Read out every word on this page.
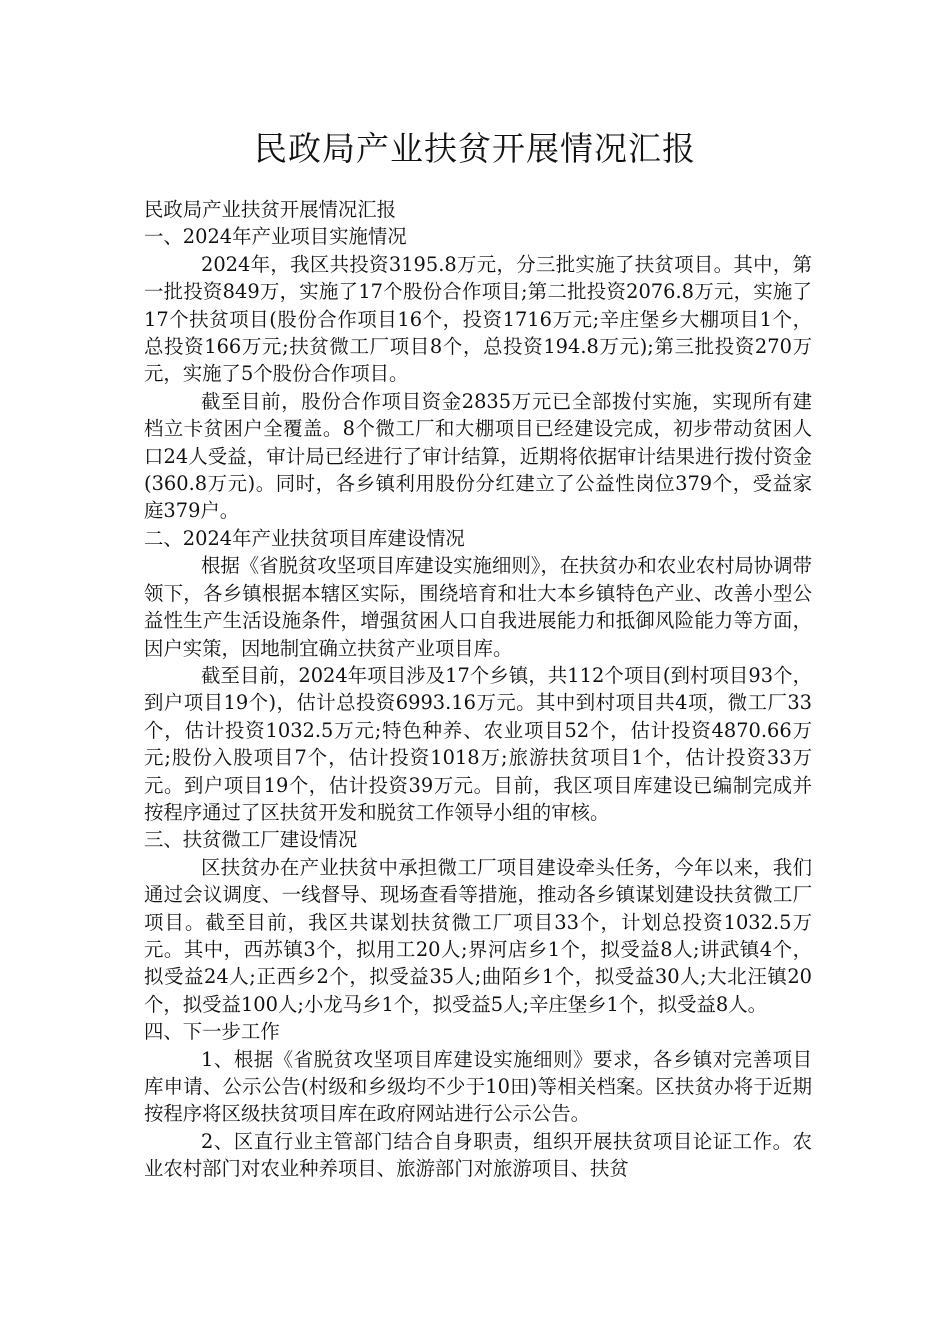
民政局产业扶贫开展情况汇报

民政局产业扶贫开展情况汇报

一、2024年产业项目实施情况

2024年，我区共投资3195.8万元，分三批实施了扶贫项目。其中，第一批投资849万，实施了17个股份合作项目;第二批投资2076.8万元，实施了17个扶贫项目(股份合作项目16个，投资1716万元;辛庄堡乡大棚项目1个，总投资166万元;扶贫微工厂项目8个，总投资194.8万元);第三批投资270万元，实施了5个股份合作项目。

截至目前，股份合作项目资金2835万元已全部拨付实施，实现所有建档立卡贫困户全覆盖。8个微工厂和大棚项目已经建设完成，初步带动贫困人口24人受益，审计局已经进行了审计结算，近期将依据审计结果进行拨付资金(360.8万元)。同时，各乡镇利用股份分红建立了公益性岗位379个，受益家庭379户。

二、2024年产业扶贫项目库建设情况

根据《省脱贫攻坚项目库建设实施细则》，在扶贫办和农业农村局协调带领下，各乡镇根据本辖区实际，围绕培育和壮大本乡镇特色产业、改善小型公益性生产生活设施条件，增强贫困人口自我进展能力和抵御风险能力等方面，因户实策，因地制宜确立扶贫产业项目库。

截至目前，2024年项目涉及17个乡镇，共112个项目(到村项目93个，到户项目19个)，估计总投资6993.16万元。其中到村项目共4项，微工厂33个，估计投资1032.5万元;特色种养、农业项目52个，估计投资4870.66万元;股份入股项目7个，估计投资1018万;旅游扶贫项目1个，估计投资33万元。到户项目19个，估计投资39万元。目前，我区项目库建设已编制完成并按程序通过了区扶贫开发和脱贫工作领导小组的审核。

三、扶贫微工厂建设情况

区扶贫办在产业扶贫中承担微工厂项目建设牵头任务，今年以来，我们通过会议调度、一线督导、现场查看等措施，推动各乡镇谋划建设扶贫微工厂项目。截至目前，我区共谋划扶贫微工厂项目33个，计划总投资1032.5万元。其中，西苏镇3个，拟用工20人;界河店乡1个，拟受益8人;讲武镇4个，拟受益24人;正西乡2个，拟受益35人;曲陌乡1个，拟受益30人;大北汪镇20个，拟受益100人;小龙马乡1个，拟受益5人;辛庄堡乡1个，拟受益8人。

四、下一步工作

1、根据《省脱贫攻坚项目库建设实施细则》要求，各乡镇对完善项目库申请、公示公告(村级和乡级均不少于10田)等相关档案。区扶贫办将于近期按程序将区级扶贫项目库在政府网站进行公示公告。

2、区直行业主管部门结合自身职责，组织开展扶贫项目论证工作。农业农村部门对农业种养项目、旅游部门对旅游项目、扶贫
